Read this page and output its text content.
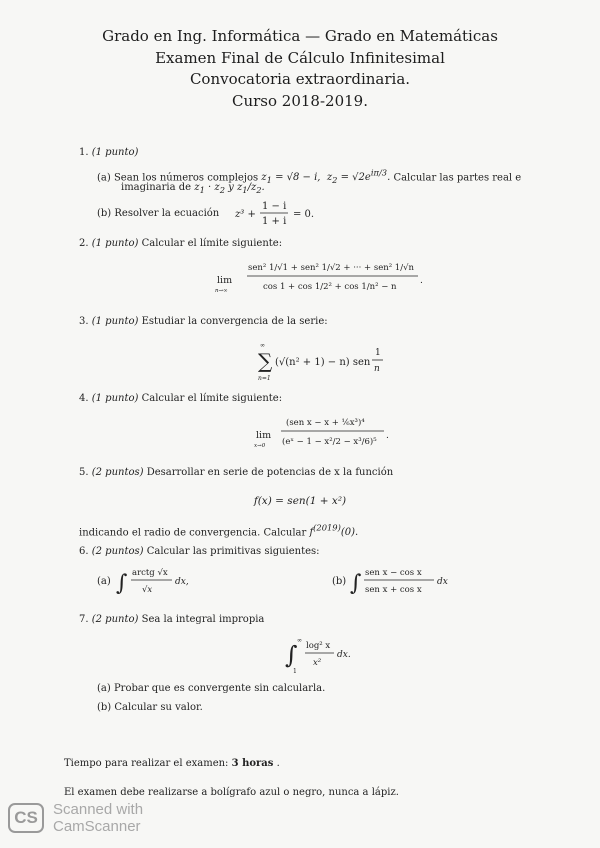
Grado en Ing. Informática — Grado en Matemáticas
Examen Final de Cálculo Infinitesimal
Convocatoria extraordinaria.
Curso 2018-2019.
1. (1 punto)
(a) Sean los números complejos $z_1 = √8 - i$,  $z_2 = √2e^{i\pi/3}$. Calcular las partes real e
imaginaria de $z_1 \cdot z_2$ y $z_1/z_2$.
(b) Resolver la ecuación z³ +
1 − i
1 + i
= 0.
2. (1 punto) Calcular el límite siguiente:
lim
n→∞
sen² 1/√1 + sen² 1/√2 + ··· + sen² 1/√n
cos 1 + cos 1/2² + cos 1/n² − n
.
3. (1 punto) Estudiar la convergencia de la serie:
∞
∑
n=1
(√(n² + 1) − n) sen
1
n
4. (1 punto) Calcular el límite siguiente:
lim
x→0
(sen x − x + ⅙x³)⁴
(eˣ − 1 − x²/2 − x³/6)⁵
.
5. (2 puntos) Desarrollar en serie de potencias de x la función
f(x) = sen(1 + x²)
indicando el radio de convergencia. Calcular $f^{(2019)}(0)$.
6. (2 puntos) Calcular las primitivas siguientes:
(a) ∫ arctg √x
√x
dx,	(b) ∫ sen x − cos x
sen x + cos x
dx
7. (2 punto) Sea la integral impropia
∫
∞
1
log² x
x²
dx.
(a) Probar que es convergente sin calcularla.
(b) Calcular su valor.
Tiempo para realizar el examen: 3 horas .
El examen debe realizarse a bolígrafo azul o negro, nunca a lápiz.
CS	Scanned with
CamScanner
